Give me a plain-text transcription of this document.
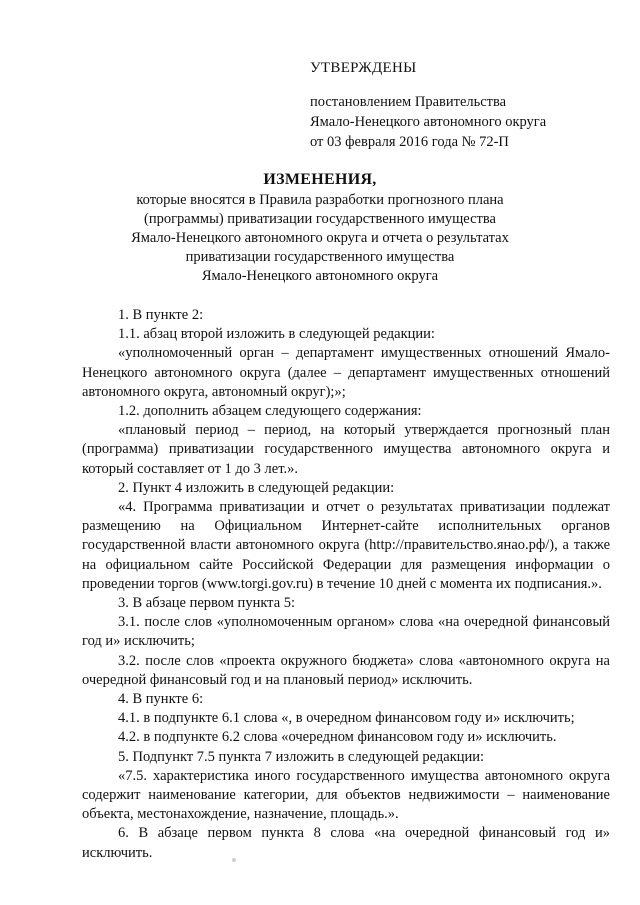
УТВЕРЖДЕНЫ
постановлением Правительства
Ямало-Ненецкого автономного округа
от 03 февраля 2016 года № 72-П
ИЗМЕНЕНИЯ,
которые вносятся в Правила разработки прогнозного плана
(программы) приватизации государственного имущества
Ямало-Ненецкого автономного округа и отчета о результатах
приватизации государственного имущества
Ямало-Ненецкого автономного округа

1. В пункте 2:

1.1. абзац второй изложить в следующей редакции:

«уполномоченный орган – департамент имущественных отношений Ямало-Ненецкого автономного округа (далее – департамент имущественных отношений автономного округа, автономный округ);»;

1.2. дополнить абзацем следующего содержания:

«плановый период – период, на который утверждается прогнозный план (программа) приватизации государственного имущества автономного округа и который составляет от 1 до 3 лет.».

2. Пункт 4 изложить в следующей редакции:

«4. Программа приватизации и отчет о результатах приватизации подлежат размещению на Официальном Интернет-сайте исполнительных органов государственной власти автономного округа (http://правительство.янао.рф/), а также на официальном сайте Российской Федерации для размещения информации о проведении торгов (www.torgi.gov.ru) в течение 10 дней с момента их подписания.».

3. В абзаце первом пункта 5:

3.1. после слов «уполномоченным органом» слова «на очередной финансовый год и» исключить;

3.2. после слов «проекта окружного бюджета» слова «автономного округа на очередной финансовый год и на плановый период» исключить.

4. В пункте 6:

4.1. в подпункте 6.1 слова «, в очередном финансовом году и» исключить;

4.2. в подпункте 6.2 слова «очередном финансовом году и» исключить.

5. Подпункт 7.5 пункта 7 изложить в следующей редакции:

«7.5. характеристика иного государственного имущества автономного округа содержит наименование категории, для объектов недвижимости – наименование объекта, местонахождение, назначение, площадь.».

6. В абзаце первом пункта 8 слова «на очередной финансовый год и» исключить.
